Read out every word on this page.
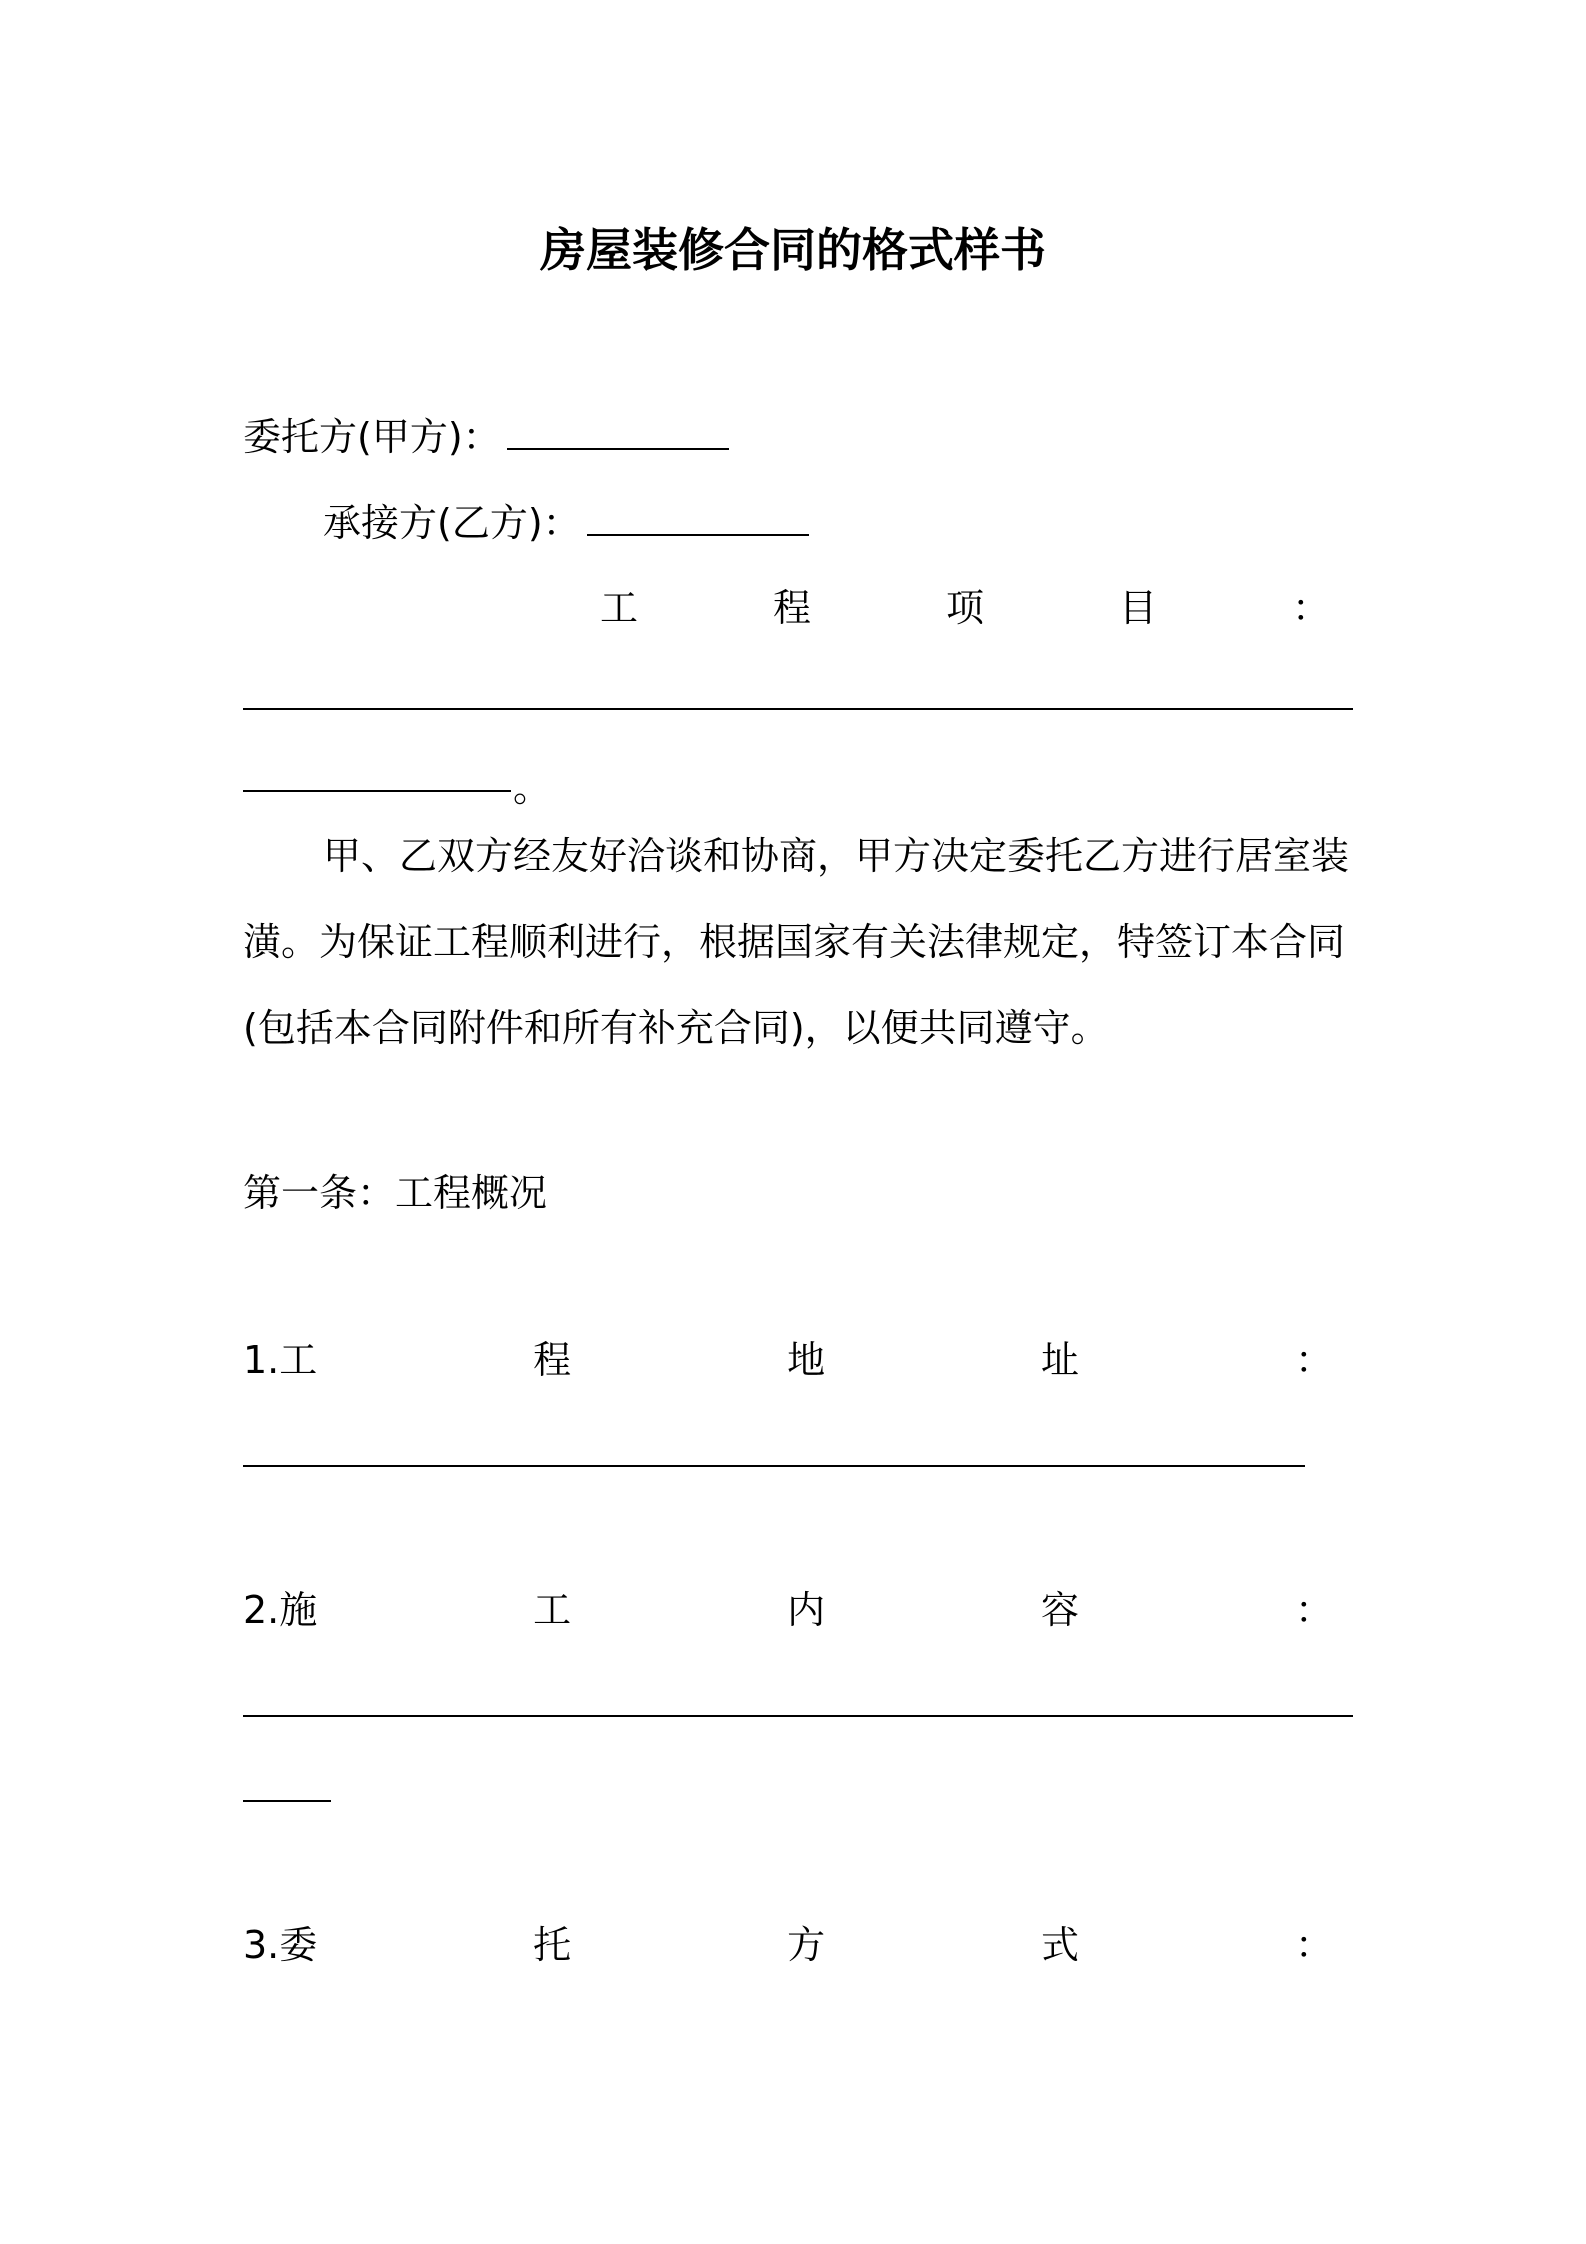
房屋装修合同的格式样书
委托方(甲方)：
承接方(乙方)：
工	程	项	目	：
。
甲、乙双方经友好洽谈和协商，甲方决定委托乙方进行居室装潢。为保证工程顺利进行，根据国家有关法律规定，特签订本合同(包括本合同附件和所有补充合同)，以便共同遵守。
第一条：工程概况
1.工	程	地	址	：
2.施	工	内	容	：
3.委	托	方	式	：
